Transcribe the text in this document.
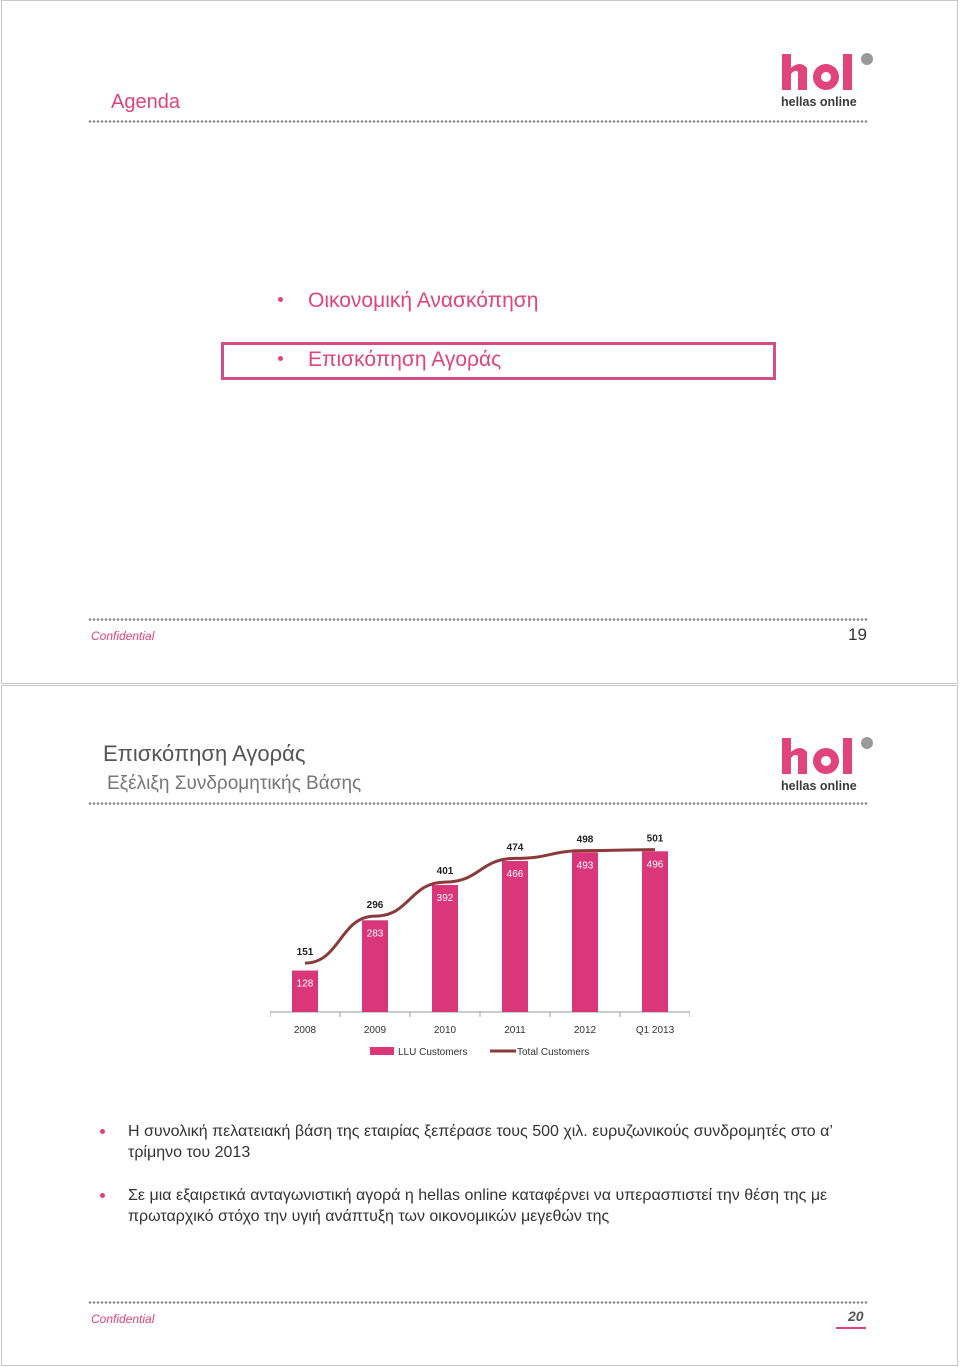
Agenda	hellas online
Οικονομική Ανασκόπηση
Επισκόπηση Αγοράς
Confidential	19
Επισκόπηση Αγοράς
Εξέλιξη Συνδρομητικής Βάσης	hellas online
128
151
2008
283
296
2009
392
401
2010
466
474
2011
493
498
2012
496
501
Q1 2013
LLU Customers	Total Customers
Η συνολική πελατειακή βάση της εταιρίας ξεπέρασε τους 500 χιλ. ευρυζωνικούς συνδρομητές στο α’ τρίμηνο του 2013
Σε μια εξαιρετικά ανταγωνιστική αγορά η hellas online καταφέρνει να υπερασπιστεί την θέση της με πρωταρχικό στόχο την υγιή ανάπτυξη των οικονομικών μεγεθών της
Confidential	20
